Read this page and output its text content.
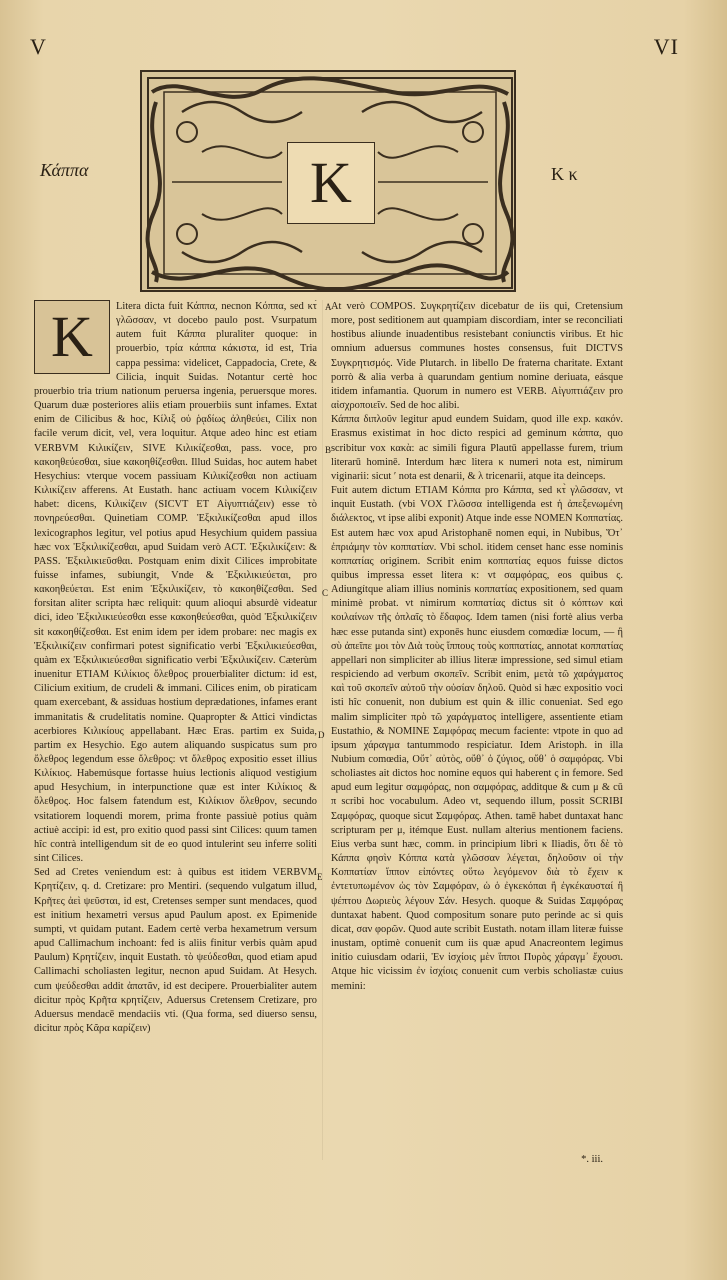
V	VI
Κάππα	K	K κ
K	Litera dicta fuit Κάππα, necnon Κόππα, sed κτ̀ γλῶσσαν, vt docebo paulo post. Vsurpatum autem fuit Κάππα pluraliter quoque: in prouerbio, τρία κάππα κάκιστα, id est, Tria cappa pessima: videlicet, Cappadocia, Crete, & Cilicia, inquit Suidas. Notantur certè hoc prouerbio tria trium nationum peruersa ingenia, peruersque mores. Quarum duæ posteriores aliis etiam prouerbiis sunt infames. Extat enim de Cilicibus & hoc, Κίλιξ οὐ ῥᾳδίως ἀληθεύει, Cilix non facile verum dicit, vel, vera loquitur. Atque adeo hinc est etiam VERBVM Κιλικίζειν, SIVE Κιλικίζεσθαι, pass. voce, pro κακοηθεύεσθαι, siue κακοηθίζεσθαι. Illud Suidas, hoc autem habet Hesychius: vterque vocem passiuam Κιλικίζεσθαι non actiuam Κιλικίζειν afferens. At Eustath. hanc actiuam vocem Κιλικίζειν habet: dicens, Κιλικίζειν (SICVT ET Αἰγυπτιάζειν) esse τὸ πονηρεύεσθαι. Quinetiam COMP. Ἐξκιλικίζεσθαι apud illos lexicographos legitur, vel potius apud Hesychium quidem passiua hæc vox Ἐξκιλικίζεσθαι, apud Suidam verò ACT. Ἐξκιλικίζειν: & PASS. Ἐξκιλικιεῦσθαι. Postquam enim dixit Cilices improbitate fuisse infames, subiungit, Vnde & Ἐξκιλικιεύεται, pro κακοηθεύεται. Est enim Ἐξκιλικίζειν, τὸ κακοηθίζεσθαι. Sed forsitan aliter scripta hæc reliquit: quum alioqui absurdè videatur dici, ideo Ἐξκιλικιεύεσθαι esse κακοηθεύεσθαι, quòd Ἐξκιλικίζειν sit κακοηθίζεσθαι. Est enim idem per idem probare: nec magis ex Ἐξκιλικίζειν confirmari potest significatio verbi Ἐξκιλικιεύεσθαι, quàm ex Ἐξκιλικιεύεσθαι significatio verbi Ἐξκιλικίζειν. Cæterùm inuenitur ETIAM Κιλίκιος ὄλεθρος prouerbialiter dictum: id est, Cilicium exitium, de crudeli & immani. Cilices enim, ob piraticam quam exercebant, & assiduas hostium deprædationes, infames erant immanitatis & crudelitatis nomine. Quapropter & Attici vindictas acerbiores Κιλικίους appellabant. Hæc Eras. partim ex Suida, partim ex Hesychio. Ego autem aliquando suspicatus sum pro ὄλεθρος legendum esse ὄλεθρος: vt ὄλεθρος expositio esset illius Κιλίκιος. Habemúsque fortasse huius lectionis aliquod vestigium apud Hesychium, in interpunctione quæ est inter Κιλίκιος & ὄλεθρος. Hoc falsem fatendum est, Κιλίκιον ὄλεθρον, secundo vsitatiorem loquendi morem, prima fronte passiuè potius quàm actiuè accipi: id est, pro exitio quod passi sint Cilices: quum tamen hîc contrà intelligendum sit de eo quod intulerint seu inferre soliti sint Cilices.

Sed ad Cretes veniendum est: à quibus est itidem VERBVM Κρητίζειν, q. d. Cretizare: pro Mentiri. (sequendo vulgatum illud, Κρῆτες ἀεὶ ψεῦσται, id est, Cretenses semper sunt mendaces, quod est initium hexametri versus apud Paulum apost. ex Epimenide sumpti, vt quidam putant. Eadem certè verba hexametrum versum apud Callimachum inchoant: fed is aliis finitur verbis quàm apud Paulum) Κρητίζειν, inquit Eustath. τὸ ψεύδεσθαι, quod etiam apud Callimachi scholiasten legitur, necnon apud Suidam. At Hesych. cum ψεύδεσθαι addit ἀπατᾶν, id est decipere. Prouerbialiter autem dicitur πρὸς Κρῆτα κρητίζειν, Aduersus Cretensem Cretizare, pro Aduersus mendacē mendaciis vti. (Qua forma, sed diuerso sensu, dicitur πρὸς Κᾶρα καρίζειν)

At verò COMPOS. Συγκρητίζειν dicebatur de iis qui, Cretensium more, post seditionem aut quampiam discordiam, inter se reconciliati hostibus aliunde inuadentibus resistebant coniunctis viribus. Et hic omnium aduersus communes hostes consensus, fuit DICTVS Συγκρητισμός. Vide Plutarch. in libello De fraterna charitate. Extant porrò & alia verba à quarundam gentium nomine deriuata, eásque itidem infamantia. Quorum in numero est VERB. Αἰγυπτιάζειν pro αἰσχροποιεῖν. Sed de hoc alibi.

Κάππα διπλοῦν legitur apud eundem Suidam, quod ille exp. κακόν. Erasmus existimat in hoc dicto respici ad geminum κάππα, quo scribitur vox κακὰ: ac simili figura Plautū appellasse furem, trium literarū hominē. Interdum hæc litera κ numeri nota est, nimirum viginarii: sicut ʹ nota est denarii, & λ tricenarii, atque ita deinceps.

Fuit autem dictum ETIAM Κόππα pro Κάππα, sed κτ̀ γλῶσσαν, vt inquit Eustath. (vbi VOX Γλῶσσα intelligenda est ἡ ἀπεξενωμένη διάλεκτος, vt ipse alibi exponit) Atque inde esse NOMEN Κοππατίας. Est autem hæc vox apud Aristophanē nomen equi, in Nubibus, Ὅτ᾽ ἐπριάμην τὸν κοππατίαν. Vbi schol. itidem censet hanc esse nominis κοππατίας originem. Scribit enim κοππατίας equos fuisse dictos quibus impressa esset litera κ: vt σαμφόρας, eos quibus ς. Adiungítque aliam illius nominis κοππατίας expositionem, sed quam minimè probat. vt nimirum κοππατίας dictus sit ὁ κόπτων καὶ κοιλαίνων τῆς ὁπλαῖς τὸ ἔδαφος. Idem tamen (nisi fortè alius verba hæc esse putanda sint) exponēs hunc eiusdem comœdiæ locum, — ἢ σὺ ἀπεῖπε μοι τὸν Διὰ τοὺς ἵππους τοὺς κοππατίας, annotat κοππατίας appellari non simpliciter ab illius literæ impressione, sed simul etiam respiciendo ad verbum σκοπεῖν. Scribit enim, μετὰ τῶ χαράγματος καὶ τοῦ σκοπεῖν αὐτοῦ τὴν οὐσίαν δηλοῦ. Quòd si hæc expositio voci isti hîc conuenit, non dubium est quin & illic conueniat. Sed ego malim simpliciter πρὸ τῶ χαράγματος intelligere, assentiente etiam Eustathio, & NOMINE Σαμφόρας mecum faciente: vtpote in quo ad ipsum χάραγμα tantummodo respiciatur. Idem Aristoph. in illa Nubium comœdia, Οὔτ᾽ αὐτὸς, οὔθ᾽ ὁ ζύγιος, οὔθ᾽ ὁ σαμφόρας. Vbi scholiastes ait dictos hoc nomine equos qui haberent ς in femore. Sed apud eum legitur σαμφόρας, non σαμφόρας, additque & cum μ & cū π scribi hoc vocabulum. Adeo vt, sequendo illum, possit SCRIBI Σαμφόρας, quoque sicut Σαμφόρας. Athen. tamē habet duntaxat hanc scripturam per μ, itémque Eust. nullam alterius mentionem faciens. Eius verba sunt hæc, comm. in principium libri κ Iliadis, ὅτι δὲ τὸ Κάππα φησὶν Κόππα κατὰ γλῶσσαν λέγεται, δηλοῦσιν οἱ τὴν Κοππατίαν ἵππον εἰπόντες οὕτω λεγόμενον διὰ τὸ ἔχειν κ ἐντετυπωμένον ὡς τὸν Σαμφόραν, ὡ ὁ ἐγκεκόπαι ἢ ἐγκέκαυσταί ἢ ψέπτου Δωριεὺς λέγουν Σάν. Hesych. quoque & Suidas Σαμφόρας duntaxat habent. Quod compositum sonare puto perinde ac si quis dicat, σαν φορῶν. Quod aute scribit Eustath. notam illam literæ fuisse inustam, optimè conuenit cum iis quæ apud Anacreontem legimus initio cuiusdam odarii, Ἐν ἰσχίοις μὲν ἵπποι Πυρὸς χάραγμ᾽ ἔχουσι. Atque hic vicissim ἐν ἰσχίοις conuenit cum verbis scholiastæ cuius memini:

A
B
C
D
E
*. iii.
